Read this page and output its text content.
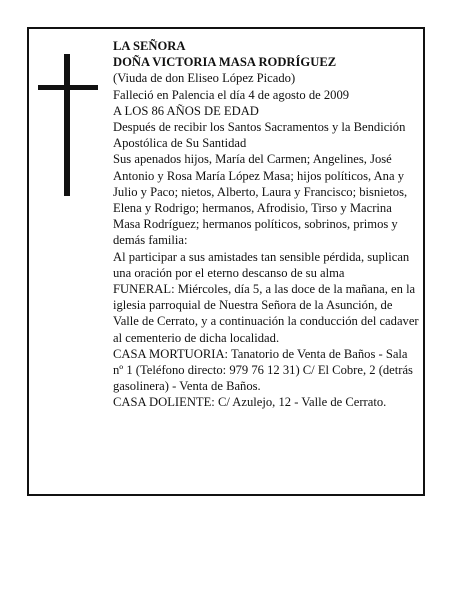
LA SEÑORA

DOÑA VICTORIA MASA RODRÍGUEZ

(Viuda de don Eliseo López Picado)

Falleció en Palencia el día 4 de agosto de 2009

A LOS 86 AÑOS DE EDAD

Después de recibir los Santos Sacramentos y la Bendición Apostólica de Su Santidad

Sus apenados hijos, María del Carmen; Angelines, José Antonio y Rosa María López Masa; hijos políticos, Ana y Julio y Paco; nietos, Alberto, Laura y Francisco; bisnietos, Elena y Rodrigo; hermanos, Afrodisio, Tirso y Macrina Masa Rodríguez; hermanos políticos, sobrinos, primos y demás familia:

Al participar a sus amistades tan sensible pérdida, suplican una oración por el eterno descanso de su alma

FUNERAL: Miércoles, día 5, a las doce de la mañana, en la iglesia parroquial de Nuestra Señora de la Asunción, de Valle de Cerrato, y a continuación la conducción del cadaver al cementerio de dicha localidad.

CASA MORTUORIA: Tanatorio de Venta de Baños - Sala nº 1 (Teléfono directo: 979 76 12 31) C/ El Cobre, 2 (detrás gasolinera) - Venta de Baños.

CASA DOLIENTE: C/ Azulejo, 12 - Valle de Cerrato.
